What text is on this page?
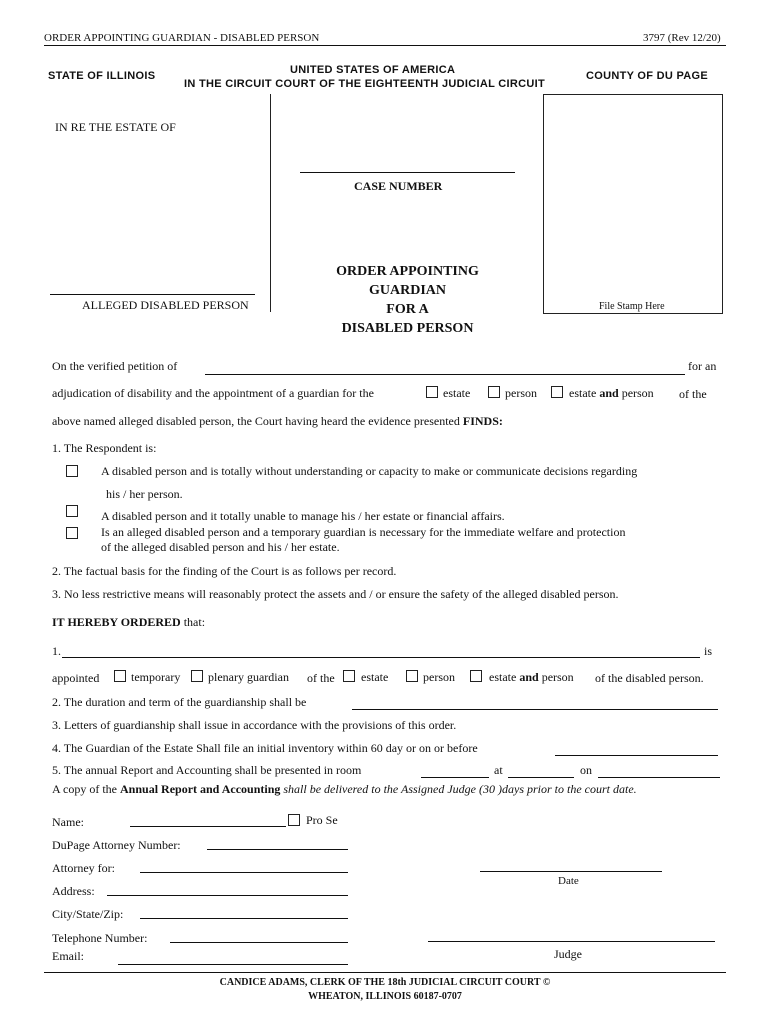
ORDER APPOINTING GUARDIAN - DISABLED PERSON	3797 (Rev 12/20)
STATE OF ILLINOIS	UNITED STATES OF AMERICA
IN THE CIRCUIT COURT OF THE EIGHTEENTH JUDICIAL CIRCUIT
COUNTY OF DU PAGE
IN RE THE ESTATE OF
ALLEGED DISABLED PERSON
CASE NUMBER
ORDER APPOINTING
GUARDIAN
FOR A
DISABLED PERSON
File Stamp Here
On the verified petition of	for an
adjudication of disability and the appointment of a guardian for the	estate	person	estate and person of the
above named alleged disabled person, the Court having heard the evidence presented FINDS:
1. The Respondent is:
A disabled person and is totally without understanding or capacity to make or communicate decisions regarding
his / her person.
A disabled person and it totally unable to manage his / her estate or financial affairs.
Is an alleged disabled person and a temporary guardian is necessary for the immediate welfare and protection
of the alleged disabled person and his / her estate.
2. The factual basis for the finding of the Court is as follows per record.
3. No less restrictive means will reasonably protect the assets and / or ensure the safety of the alleged disabled person.
IT HEREBY ORDERED that:
1.	is
appointed	temporary plenary guardian of the estate	person	estate and person of the disabled person.
2. The duration and term of the guardianship shall be
3. Letters of guardianship shall issue in accordance with the provisions of this order.
4. The Guardian of the Estate Shall file an initial inventory within 60 day or on or before
5. The annual Report and Accounting shall be presented in room	at	on
A copy of the Annual Report and Accounting shall be delivered to the Assigned Judge (30 )days prior to the court date.
Name:	Pro Se
DuPage Attorney Number:
Attorney for:
Address:
City/State/Zip:
Telephone Number:
Email:
Date
Judge
CANDICE ADAMS, CLERK OF THE 18th JUDICIAL CIRCUIT COURT ©
WHEATON, ILLINOIS 60187-0707
